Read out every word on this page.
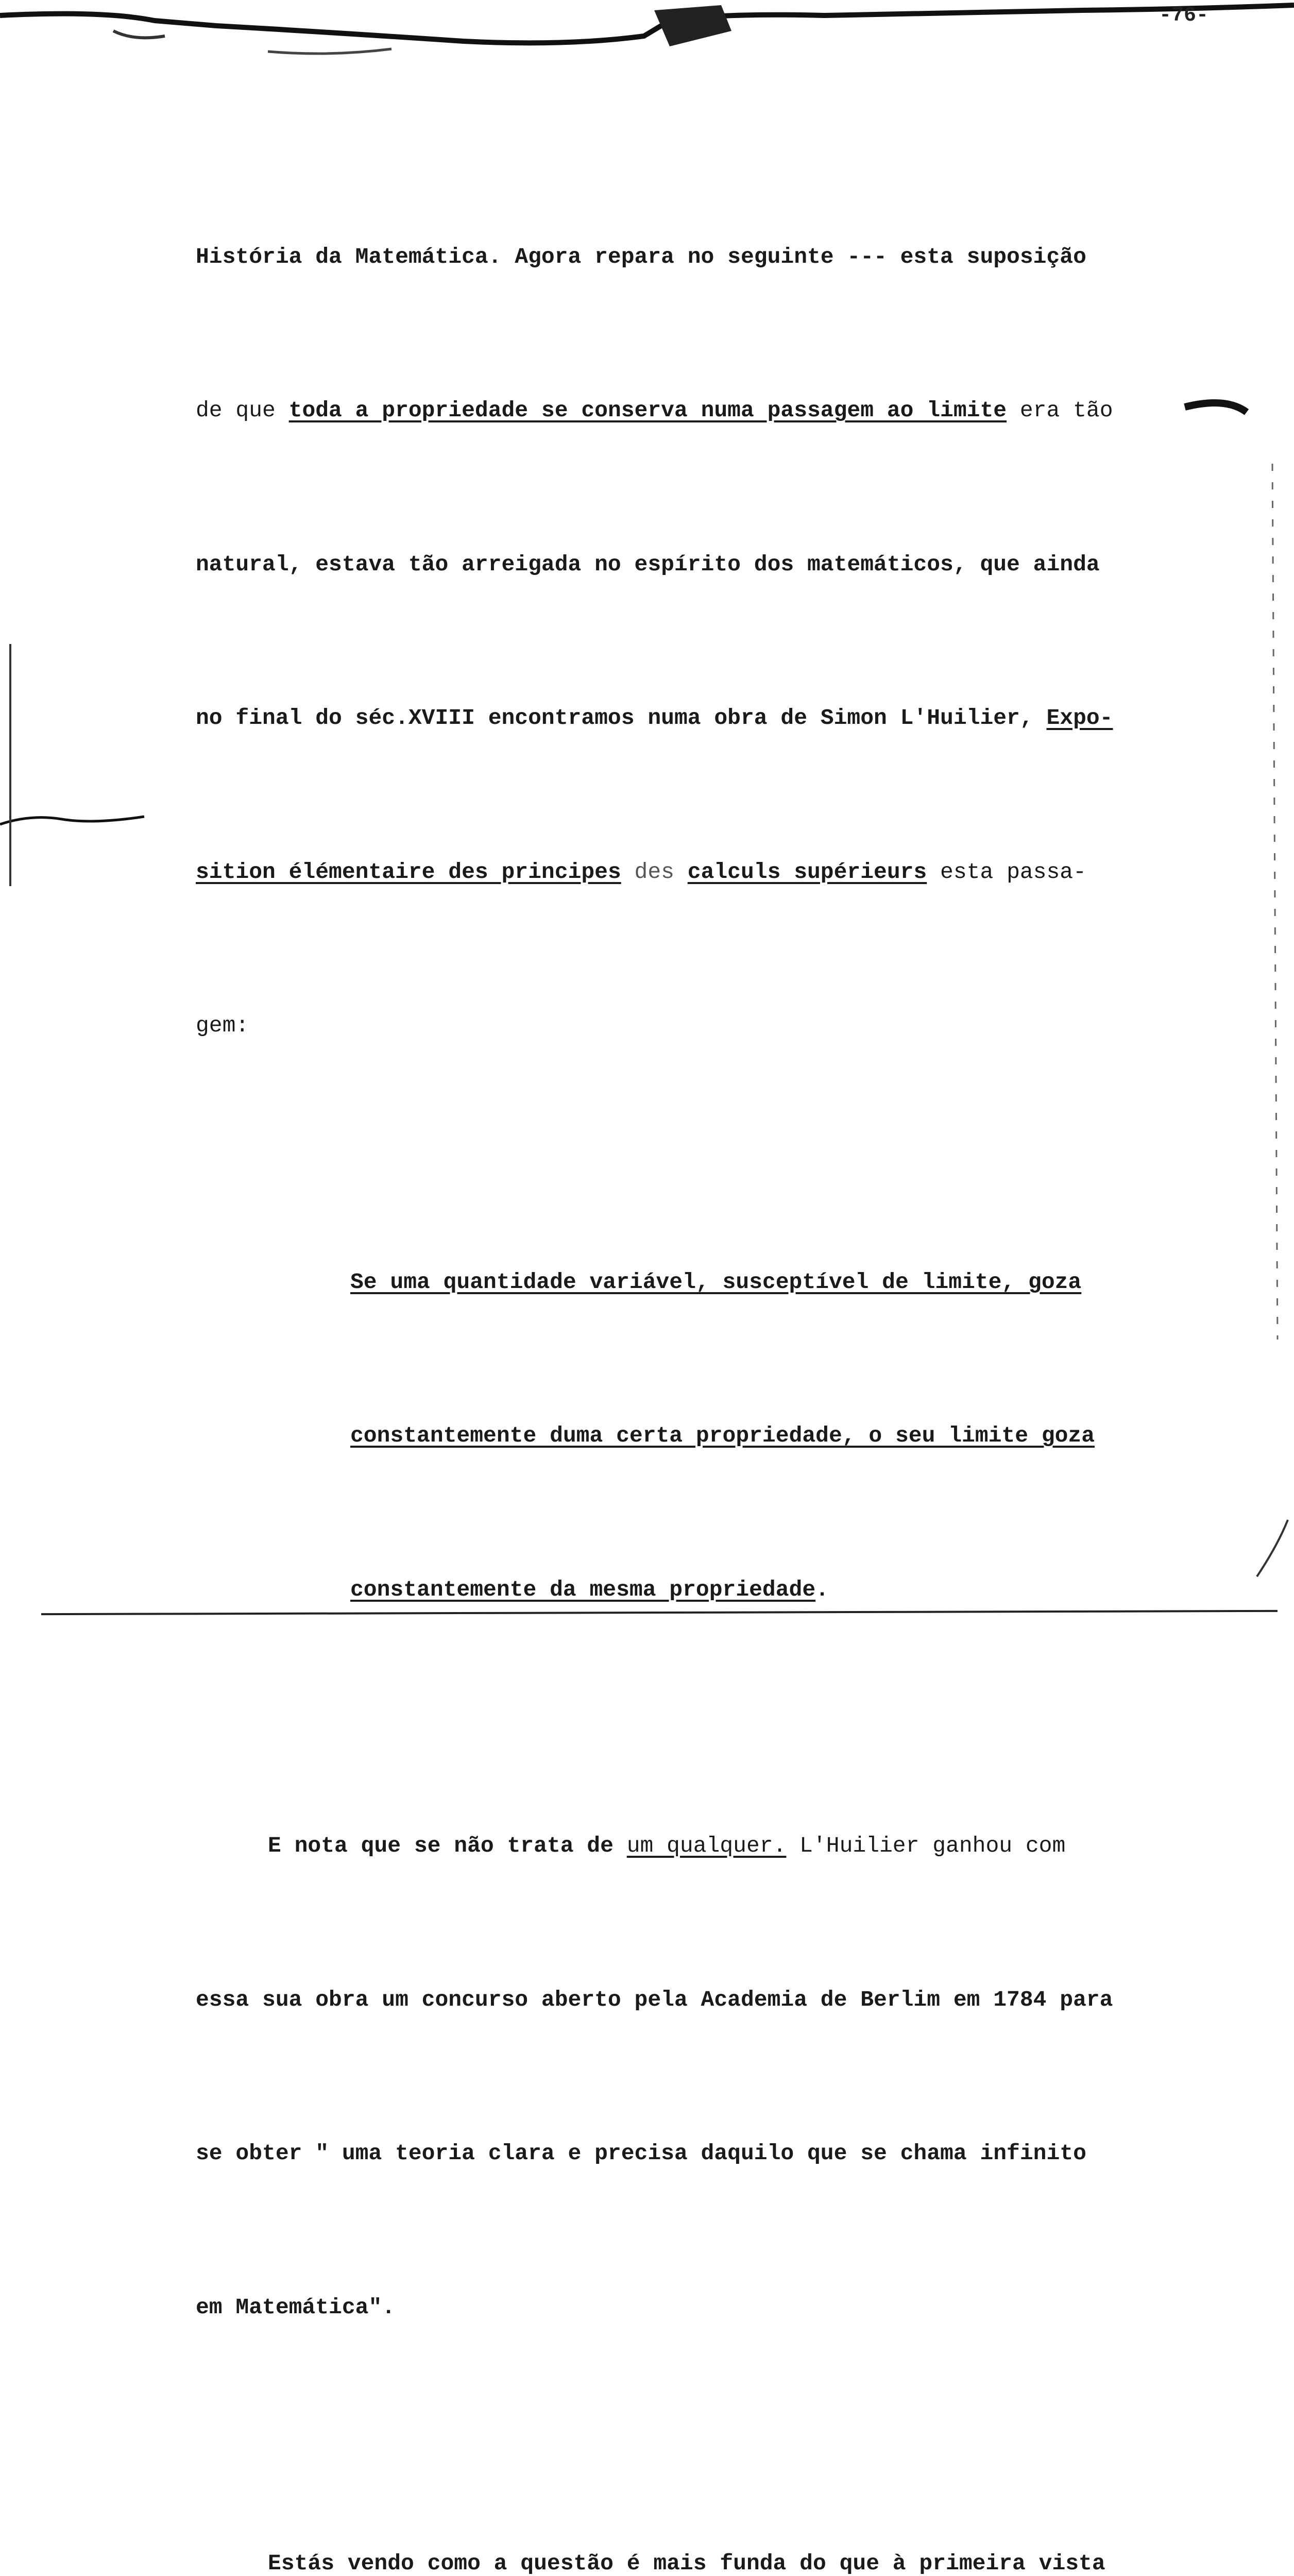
-76-

História da Matemática. Agora repara no seguinte --- esta suposição

de que toda a propriedade se conserva numa passagem ao limite era tão

natural, estava tão arreigada no espírito dos matemáticos, que ainda

no final do séc.XVIII encontramos numa obra de Simon L'Huilier, Expo-

sition élémentaire des principes des calculs supérieurs esta passa-

gem:

Se uma quantidade variável, susceptível de limite, goza

constantemente duma certa propriedade, o seu limite goza

constantemente da mesma propriedade.

E nota que se não trata de um qualquer. L'Huilier ganhou com

essa sua obra um concurso aberto pela Academia de Berlim em 1784 para

se obter " uma teoria clara e precisa daquilo que se chama infinito

em Matemática".

Estás vendo como a questão é mais funda do que à primeira vista
